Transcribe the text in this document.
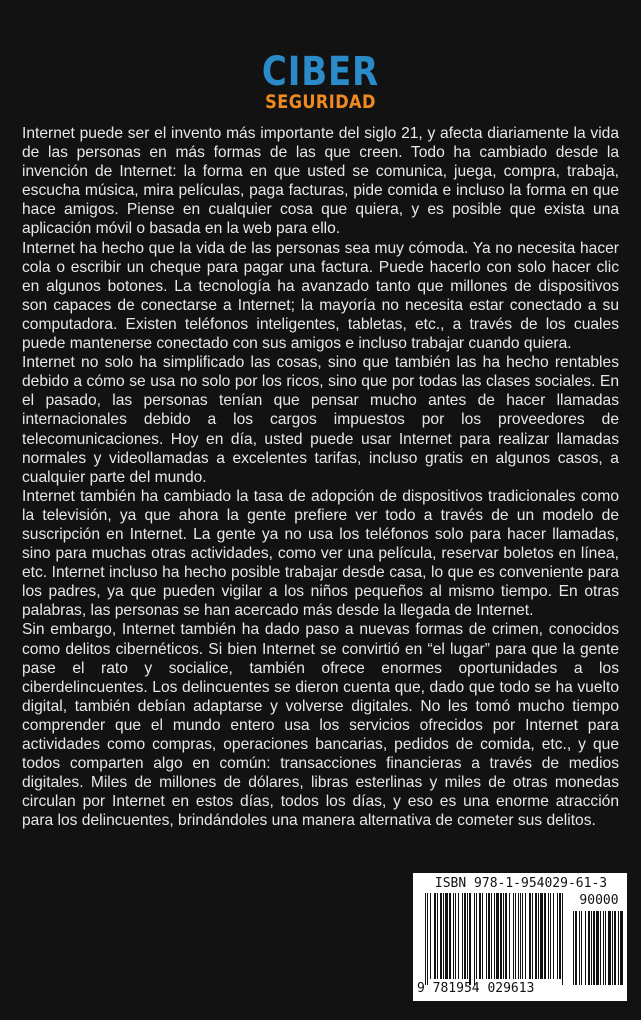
CIBER
SEGURIDAD

Internet puede ser el invento más importante del siglo 21, y afecta diariamente la vida de las personas en más formas de las que creen. Todo ha cambiado desde la invención de Internet: la forma en que usted se comunica, juega, compra, trabaja, escucha música, mira películas, paga facturas, pide comida e incluso la forma en que hace amigos. Piense en cualquier cosa que quiera, y es posible que exista una aplicación móvil o basada en la web para ello.

Internet ha hecho que la vida de las personas sea muy cómoda. Ya no necesita hacer cola o escribir un cheque para pagar una factura. Puede hacerlo con solo hacer clic en algunos botones. La tecnología ha avanzado tanto que millones de dispositivos son capaces de conectarse a Internet; la mayoría no necesita estar conectado a su computadora. Existen teléfonos inteligentes, tabletas, etc., a través de los cuales puede mantenerse conectado con sus amigos e incluso trabajar cuando quiera.

Internet no solo ha simplificado las cosas, sino que también las ha hecho rentables debido a cómo se usa no solo por los ricos, sino que por todas las clases sociales. En el pasado, las personas tenían que pensar mucho antes de hacer llamadas internacionales debido a los cargos impuestos por los proveedores de telecomunicaciones. Hoy en día, usted puede usar Internet para realizar llamadas normales y videollamadas a excelentes tarifas, incluso gratis en algunos casos, a cualquier parte del mundo.

Internet también ha cambiado la tasa de adopción de dispositivos tradicionales como la televisión, ya que ahora la gente prefiere ver todo a través de un modelo de suscripción en Internet. La gente ya no usa los teléfonos solo para hacer llamadas, sino para muchas otras actividades, como ver una película, reservar boletos en línea, etc. Internet incluso ha hecho posible trabajar desde casa, lo que es conveniente para los padres, ya que pueden vigilar a los niños pequeños al mismo tiempo. En otras palabras, las personas se han acercado más desde la llegada de Internet.

Sin embargo, Internet también ha dado paso a nuevas formas de crimen, conocidos como delitos cibernéticos. Si bien Internet se convirtió en “el lugar” para que la gente pase el rato y socialice, también ofrece enormes oportunidades a los ciberdelincuentes. Los delincuentes se dieron cuenta que, dado que todo se ha vuelto digital, también debían adaptarse y volverse digitales. No les tomó mucho tiempo comprender que el mundo entero usa los servicios ofrecidos por Internet para actividades como compras, operaciones bancarias, pedidos de comida, etc., y que todos comparten algo en común: transacciones financieras a través de medios digitales. Miles de millones de dólares, libras esterlinas y miles de otras monedas circulan por Internet en estos días, todos los días, y eso es una enorme atracción para los delincuentes, brindándoles una manera alternativa de cometer sus delitos.

ISBN 978-1-954029-61-3
9 781954 029613
90000
